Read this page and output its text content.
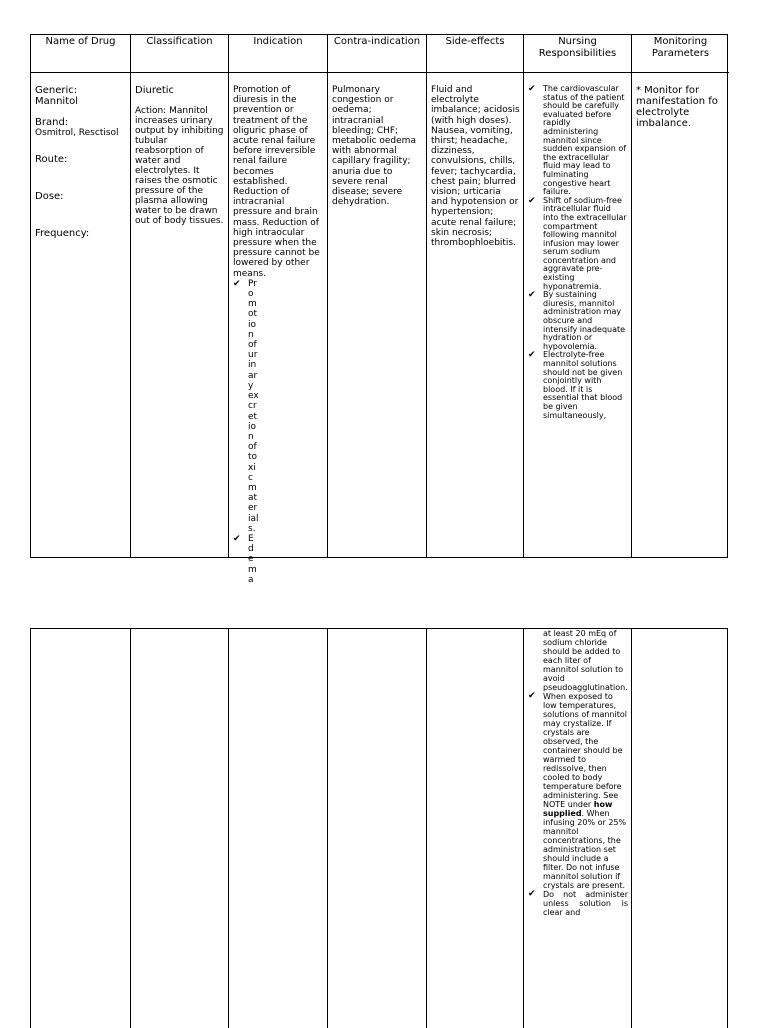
Name of Drug

Generic:

Mannitol

Brand:

Osmitrol, Resctisol

Route:

Dose:

Frequency:

Classification

Diuretic

Action: Mannitol increases urinary output by inhibiting tubular reabsorption of water and electrolytes. It raises the osmotic pressure of the plasma allowing water to be drawn out of body tissues.

Indication

Promotion of diuresis in the prevention or treatment of the oliguric phase of acute renal failure before irreversible renal failure becomes established. Reduction of intracranial pressure and brain mass. Reduction of high intraocular pressure when the pressure cannot be lowered by other means.

✔ Promotion of urinary excretion of toxic materials.
✔ Edema
Contra-indication

Pulmonary congestion or oedema; intracranial bleeding; CHF; metabolic oedema with abnormal capillary fragility; anuria due to severe renal disease; severe dehydration.

Side-effects

Fluid and electrolyte imbalance; acidosis (with high doses). Nausea, vomiting, thirst; headache, dizziness, convulsions, chills, fever; tachycardia, chest pain; blurred vision; urticaria and hypotension or hypertension; acute renal failure; skin necrosis; thrombophloebitis.

Nursing Responsibilities
✔ The cardiovascular status of the patient should be carefully evaluated before rapidly administering mannitol since sudden expansion of the extracellular fluid may lead to fulminating congestive heart failure.
✔ Shift of sodium-free intracellular fluid into the extracellular compartment following mannitol infusion may lower serum sodium concentration and aggravate pre-existing hyponatremia.
✔ By sustaining diuresis, mannitol administration may obscure and intensify inadequate hydration or hypovolemia.
✔ Electrolyte-free mannitol solutions should not be given conjointly with blood. If it is essential that blood be given simultaneously,
Monitoring Parameters

* Monitor for manifestation fo electrolyte imbalance.

at least 20 mEq of sodium chloride should be added to each liter of mannitol solution to avoid pseudoagglutination.

✔ When exposed to low temperatures, solutions of mannitol may crystalize. If crystals are observed, the container should be warmed to redissolve, then cooled to body temperature before administering. See NOTE under how supplied. When infusing 20% or 25% mannitol concentrations, the administration set should include a filter. Do not infuse mannitol solution if crystals are present.
✔ Do not administer unless solution is clear and
